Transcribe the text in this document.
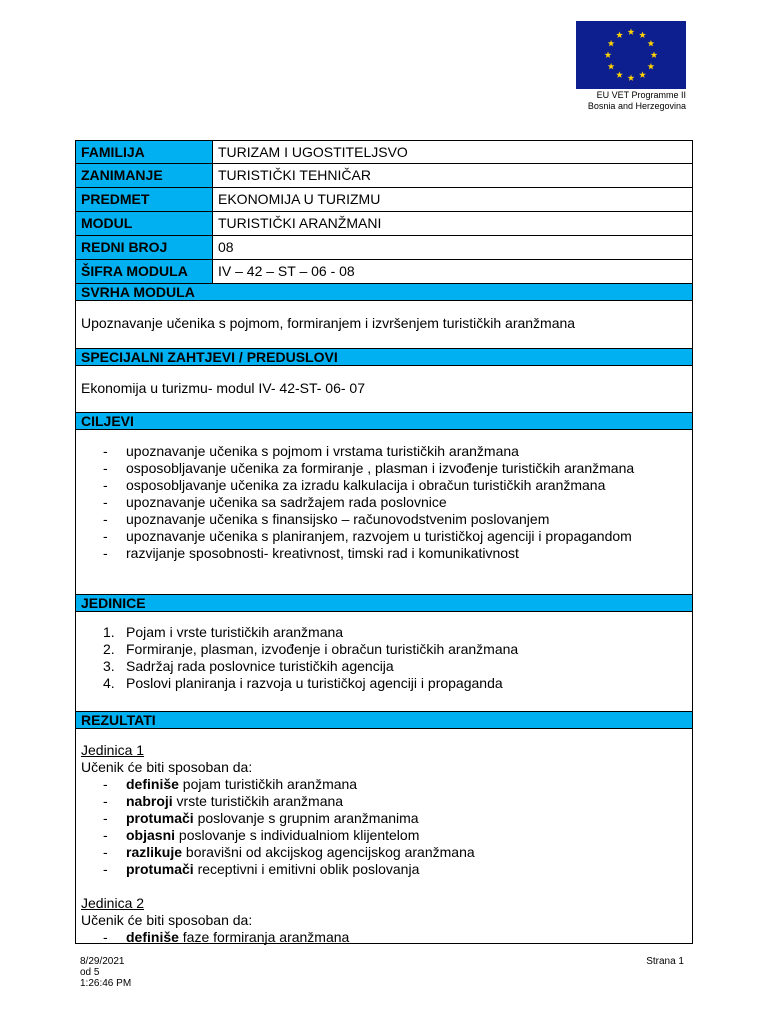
EU VET Programme II
Bosnia and Herzegovina
FAMILIJA	TURIZAM I UGOSTITELJSVO
ZANIMANJE	TURISTIČKI TEHNIČAR
PREDMET	EKONOMIJA U TURIZMU
MODUL	TURISTIČKI ARANŽMANI
REDNI BROJ	08
ŠIFRA MODULA	IV – 42 – ST – 06 - 08
SVRHA MODULA
Upoznavanje učenika s pojmom, formiranjem i izvršenjem turističkih aranžmana
SPECIJALNI ZAHTJEVI / PREDUSLOVI
Ekonomija u turizmu- modul IV- 42-ST- 06- 07
CILJEVI
- upoznavanje učenika s pojmom i vrstama turističkih aranžmana
- osposobljavanje učenika za formiranje , plasman i izvođenje turističkih aranžmana
- osposobljavanje učenika za izradu kalkulacija i obračun turističkih aranžmana
- upoznavanje učenika sa sadržajem rada poslovnice
- upoznavanje učenika s finansijsko – računovodstvenim poslovanjem
- upoznavanje učenika s planiranjem, razvojem u turističkoj agenciji i propagandom
- razvijanje sposobnosti- kreativnost, timski rad i komunikativnost
JEDINICE
1. Pojam i vrste turističkih aranžmana
2. Formiranje, plasman, izvođenje i obračun turističkih aranžmana
3. Sadržaj rada poslovnice turističkih agencija
4. Poslovi planiranja i razvoja u turističkoj agenciji i propaganda
REZULTATI
Jedinica 1
Učenik će biti sposoban da:
- definiše pojam turističkih aranžmana
- nabroji vrste turističkih aranžmana
- protumači poslovanje s grupnim aranžmanima
- objasni poslovanje s individualniom klijentelom
- razlikuje boravišni od akcijskog agencijskog aranžmana
- protumači receptivni i emitivni oblik poslovanja
Jedinica 2
Učenik će biti sposoban da:
- definiše faze formiranja aranžmana
8/29/2021
od 5
1:26:46 PM
Strana 1
